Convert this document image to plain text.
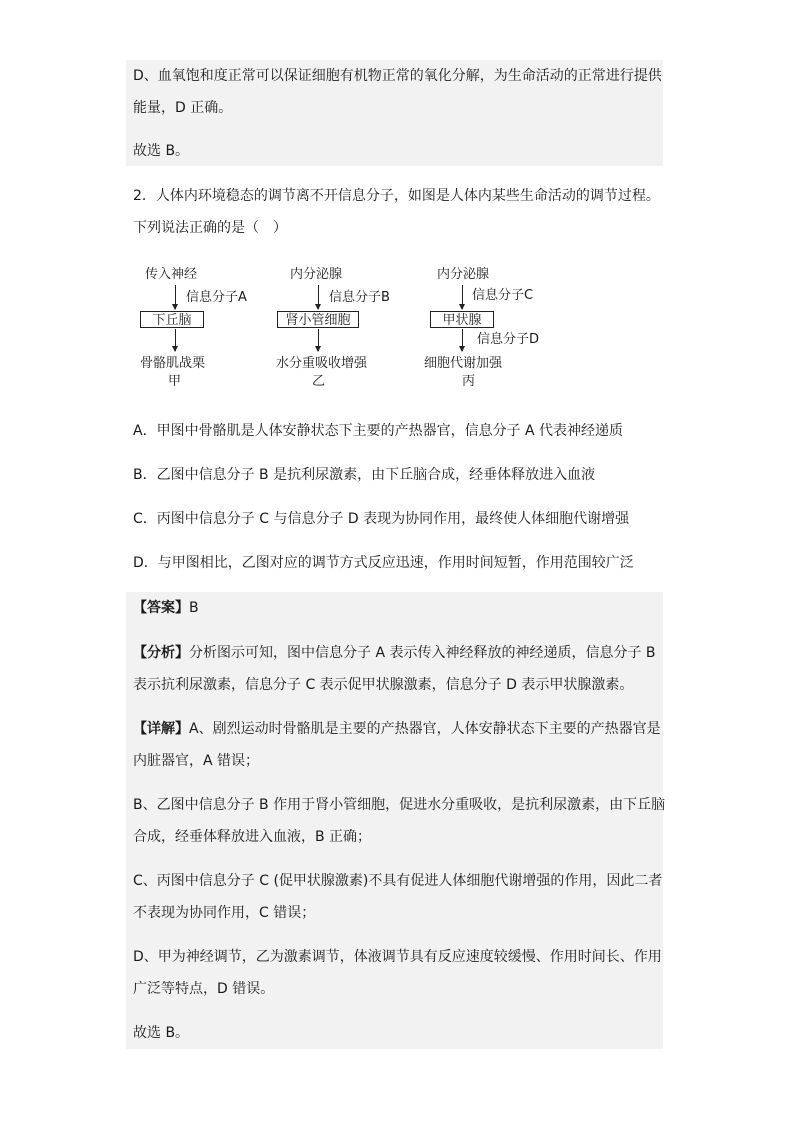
D、血氧饱和度正常可以保证细胞有机物正常的氧化分解，为生命活动的正常进行提供
能量，D 正确。
故选 B。
2．人体内环境稳态的调节离不开信息分子，如图是人体内某些生命活动的调节过程。
下列说法正确的是（　）
传入神经
信息分子A
下丘脑
骨骼肌战栗
甲
内分泌腺
信息分子B
肾小管细胞
水分重吸收增强
乙
内分泌腺
信息分子C
甲状腺
信息分子D
细胞代谢加强
丙
A．甲图中骨骼肌是人体安静状态下主要的产热器官，信息分子 A 代表神经递质
B．乙图中信息分子 B 是抗利尿激素，由下丘脑合成，经垂体释放进入血液
C．丙图中信息分子 C 与信息分子 D 表现为协同作用，最终使人体细胞代谢增强
D．与甲图相比，乙图对应的调节方式反应迅速，作用时间短暂，作用范围较广泛
【答案】B
【分析】分析图示可知，图中信息分子 A 表示传入神经释放的神经递质，信息分子 B
表示抗利尿激素，信息分子 C 表示促甲状腺激素，信息分子 D 表示甲状腺激素。
【详解】A、剧烈运动时骨骼肌是主要的产热器官，人体安静状态下主要的产热器官是
内脏器官，A 错误；
B、乙图中信息分子 B 作用于肾小管细胞，促进水分重吸收，是抗利尿激素，由下丘脑
合成，经垂体释放进入血液，B 正确；
C、丙图中信息分子 C (促甲状腺激素)不具有促进人体细胞代谢增强的作用，因此二者
不表现为协同作用，C 错误；
D、甲为神经调节，乙为激素调节，体液调节具有反应速度较缓慢、作用时间长、作用
广泛等特点，D 错误。
故选 B。
